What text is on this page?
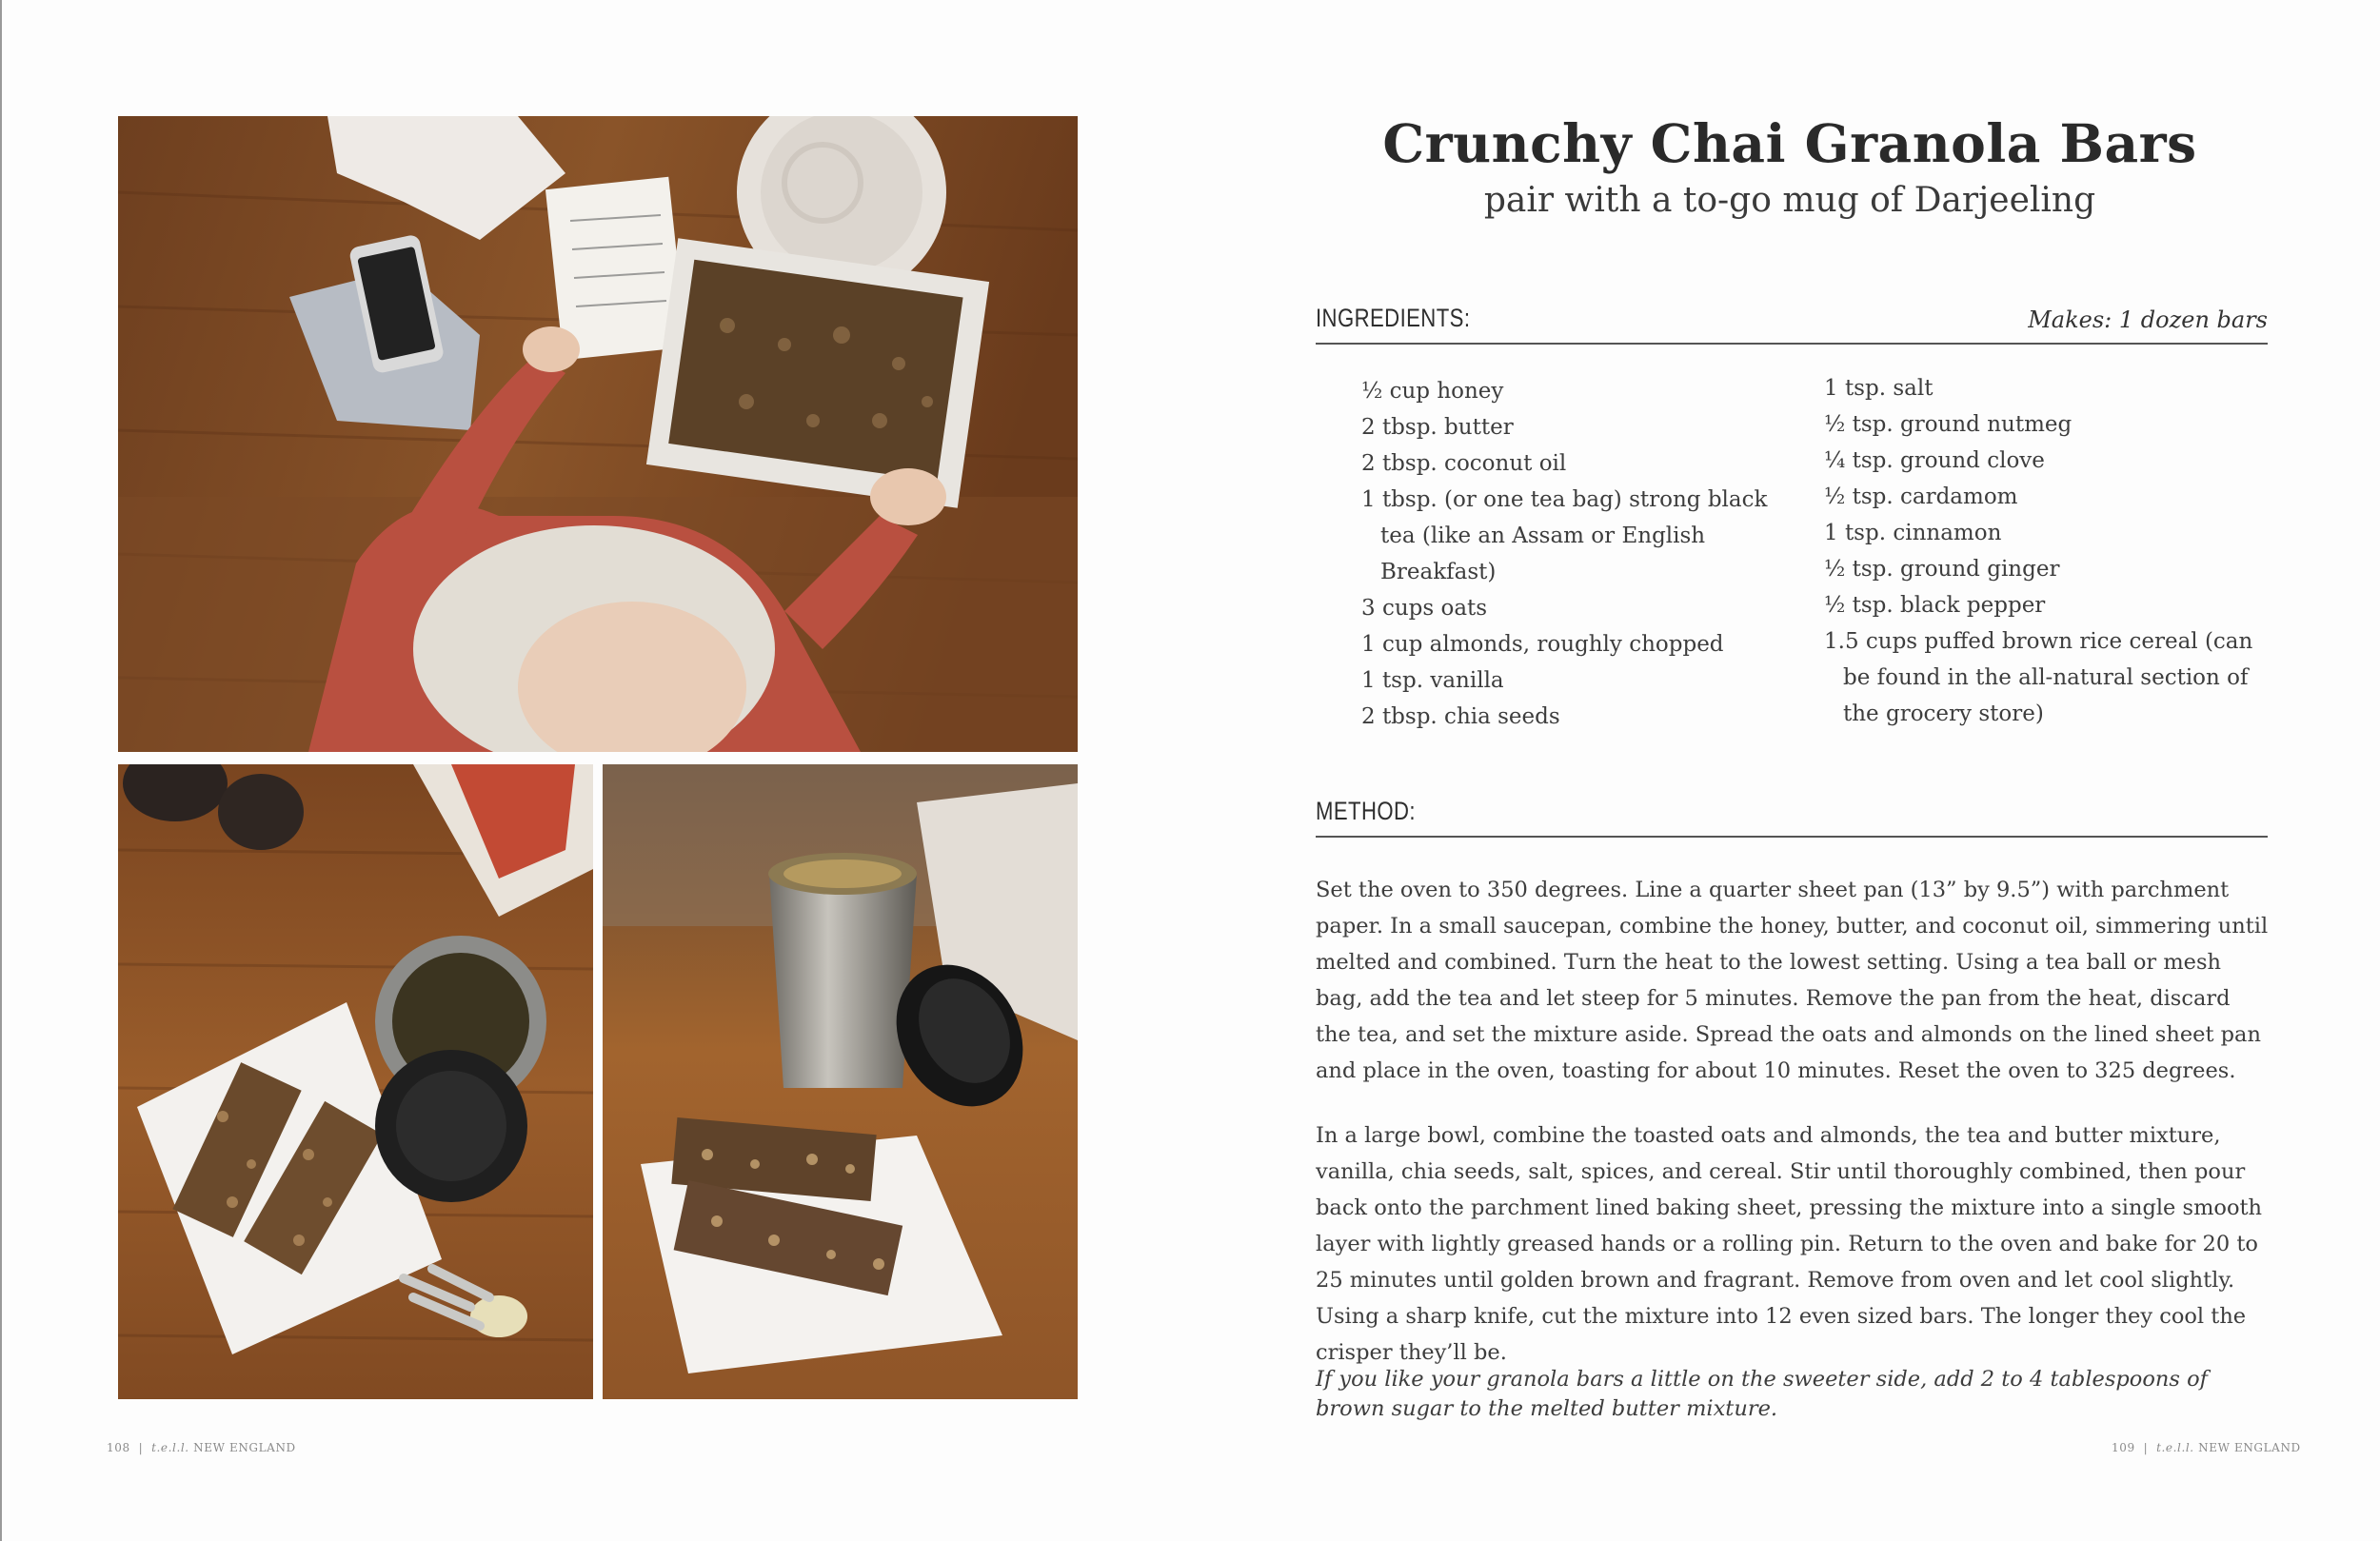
Crunchy Chai Granola Bars

pair with a to-go mug of Darjeeling

INGREDIENTS:	Makes: 1 dozen bars
½ cup honey
2 tbsp. butter
2 tbsp. coconut oil
1 tbsp. (or one tea bag) strong black tea (like an Assam or English Breakfast)
3 cups oats
1 cup almonds, roughly chopped
1 tsp. vanilla
2 tbsp. chia seeds
1 tsp. salt
½ tsp. ground nutmeg
¼ tsp. ground clove
½ tsp. cardamom
1 tsp. cinnamon
½ tsp. ground ginger
½ tsp. black pepper
1.5 cups puffed brown rice cereal (can be found in the all-natural section of the grocery store)
METHOD:

Set the oven to 350 degrees. Line a quarter sheet pan (13” by 9.5”) with parchment paper. In a small saucepan, combine the honey, butter, and coconut oil, simmering until melted and combined. Turn the heat to the lowest setting. Using a tea ball or mesh bag, add the tea and let steep for 5 minutes. Remove the pan from the heat, discard the tea, and set the mixture aside. Spread the oats and almonds on the lined sheet pan and place in the oven, toasting for about 10 minutes. Reset the oven to 325 degrees.

In a large bowl, combine the toasted oats and almonds, the tea and butter mixture, vanilla, chia seeds, salt, spices, and cereal. Stir until thoroughly combined, then pour back onto the parchment lined baking sheet, pressing the mixture into a single smooth layer with lightly greased hands or a rolling pin. Return to the oven and bake for 20 to 25 minutes until golden brown and fragrant. Remove from oven and let cool slightly. Using a sharp knife, cut the mixture into 12 even sized bars. The longer they cool the crisper they’ll be.

If you like your granola bars a little on the sweeter side, add 2 to 4 tablespoons of brown sugar to the melted butter mixture.

108 | t.e.l.l. NEW ENGLAND	109 | t.e.l.l. NEW ENGLAND
